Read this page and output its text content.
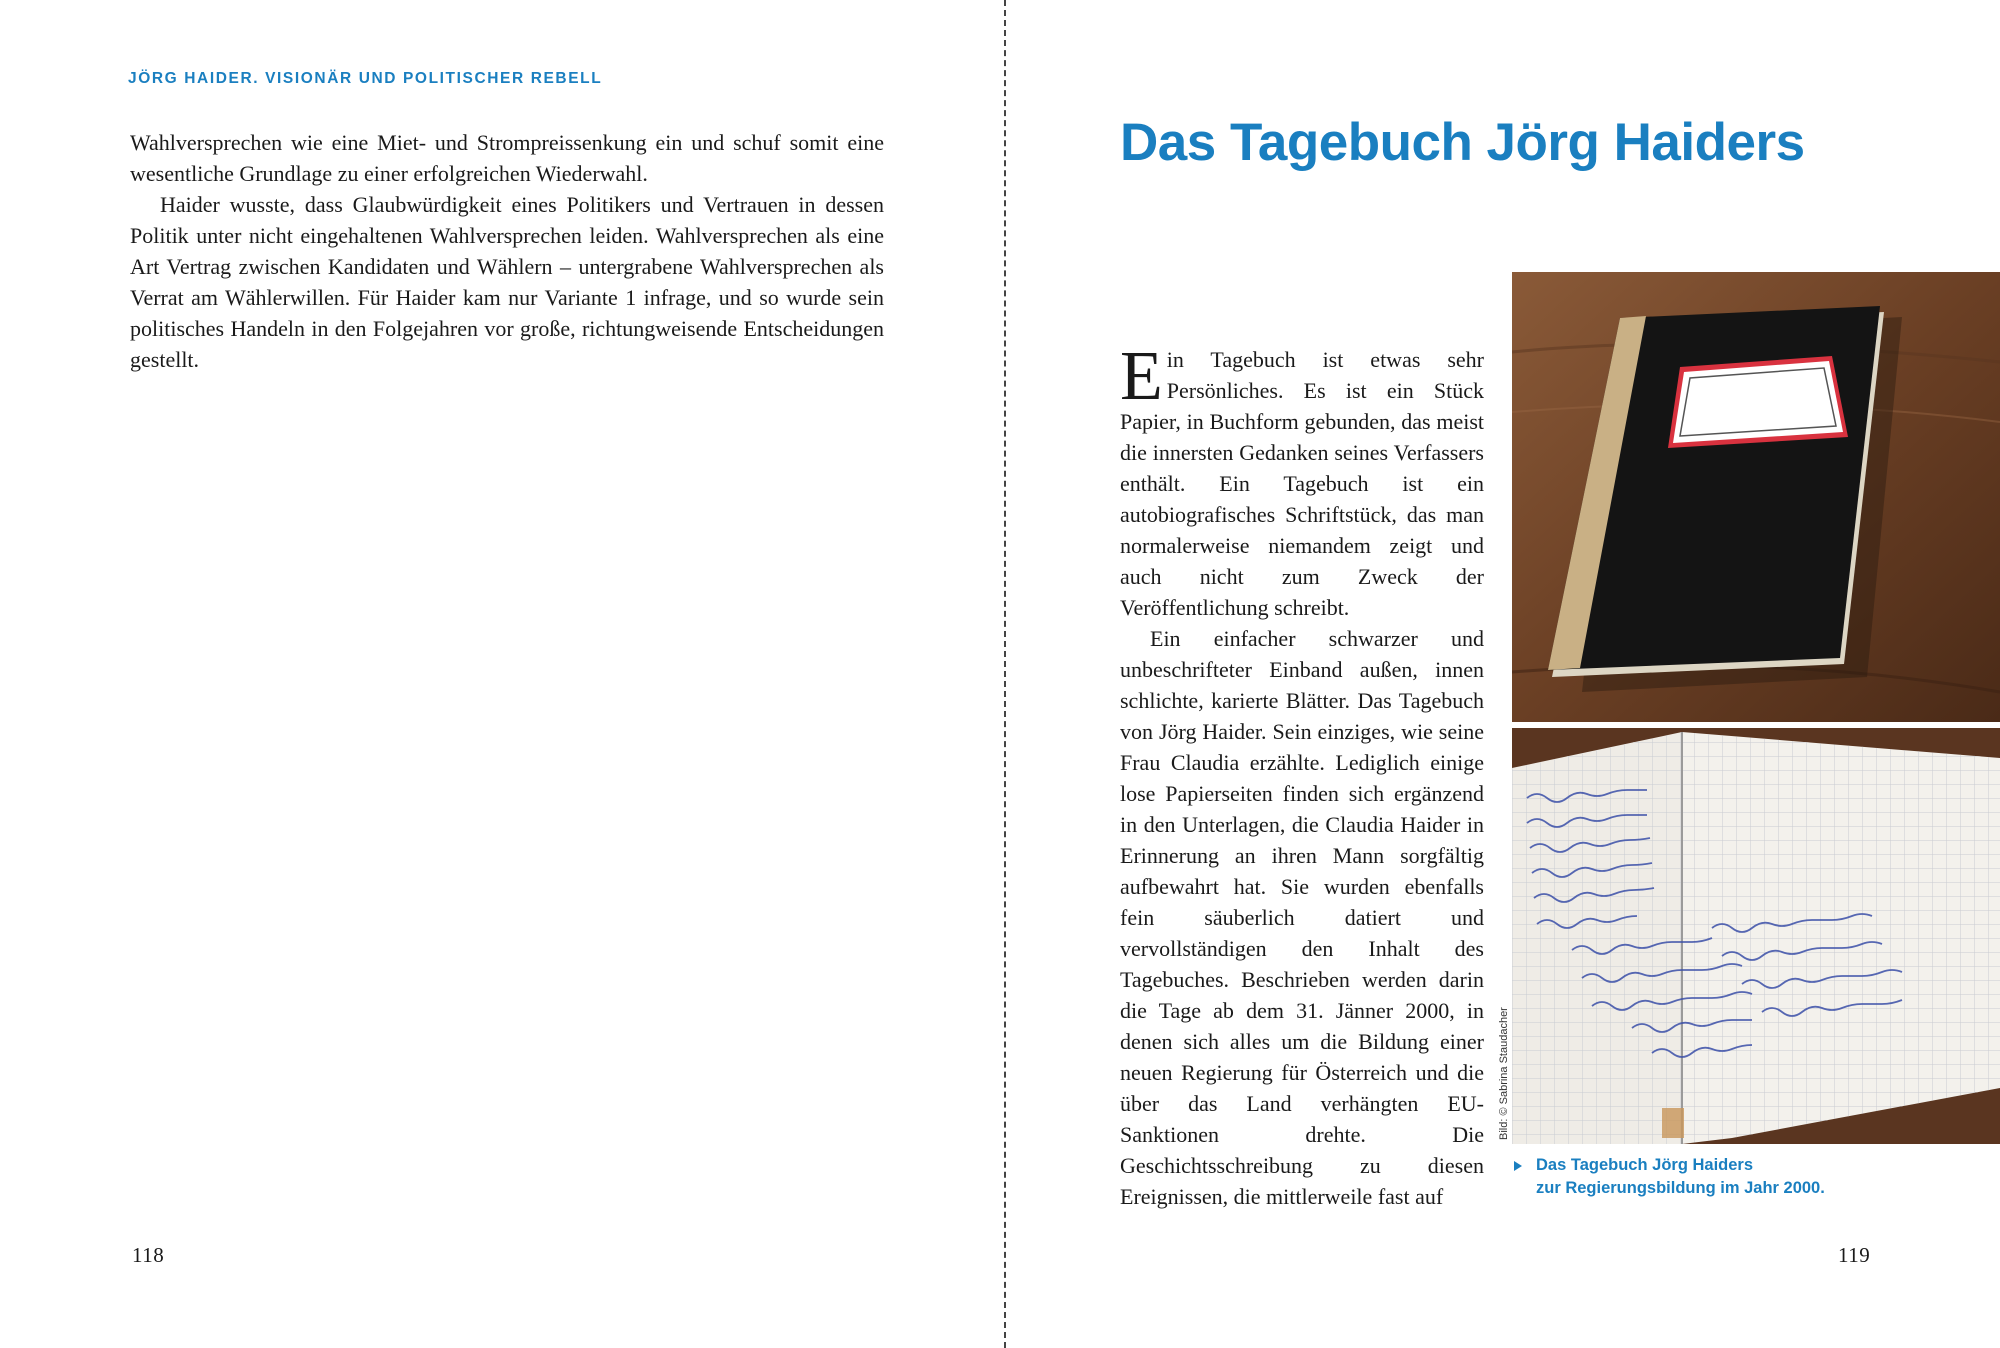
JÖRG HAIDER. VISIONÄR UND POLITISCHER REBELL

Wahlversprechen wie eine Miet- und Strompreissenkung ein und schuf somit eine wesentliche Grundlage zu einer erfolgreichen Wiederwahl.

Haider wusste, dass Glaubwürdigkeit eines Politikers und Vertrauen in dessen Politik unter nicht eingehaltenen Wahlversprechen leiden. Wahlversprechen als eine Art Vertrag zwischen Kandidaten und Wählern – untergrabene Wahlversprechen als Verrat am Wählerwillen. Für Haider kam nur Variante 1 infrage, und so wurde sein politisches Handeln in den Folgejahren vor große, richtungweisende Entscheidungen gestellt.

118
Das Tagebuch Jörg Haiders

Ein Tagebuch ist etwas sehr Persönliches. Es ist ein Stück Papier, in Buchform gebunden, das meist die innersten Gedanken seines Verfassers enthält. Ein Tagebuch ist ein autobiografisches Schriftstück, das man normalerweise niemandem zeigt und auch nicht zum Zweck der Veröffentlichung schreibt.

Ein einfacher schwarzer und unbeschrifteter Einband außen, innen schlichte, karierte Blätter. Das Tagebuch von Jörg Haider. Sein einziges, wie seine Frau Claudia erzählte. Lediglich einige lose Papierseiten finden sich ergänzend in den Unterlagen, die Claudia Haider in Erinnerung an ihren Mann sorgfältig aufbewahrt hat. Sie wurden ebenfalls fein säuberlich datiert und vervollständigen den Inhalt des Tagebuches. Beschrieben werden darin die Tage ab dem 31. Jänner 2000, in denen sich alles um die Bildung einer neuen Regierung für Österreich und die über das Land verhängten EU-Sanktionen drehte. Die Geschichtsschreibung zu diesen Ereignissen, die mittlerweile fast auf

Bild: © Sabrina Staudacher
Das Tagebuch Jörg Haiders
zur Regierungsbildung im Jahr 2000.
119
